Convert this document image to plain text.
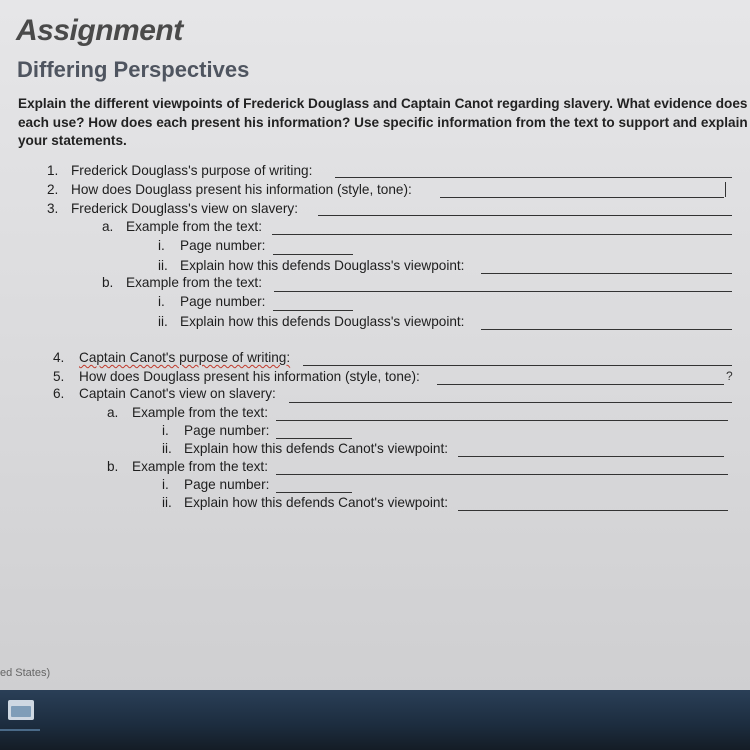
Assignment
Differing Perspectives

Explain the different viewpoints of Frederick Douglass and Captain Canot regarding slavery. What evidence does each use? How does each present his information? Use specific information from the text to support and explain your statements.

1. Frederick Douglass's purpose of writing:
2. How does Douglass present his information (style, tone):
3. Frederick Douglass's view on slavery:
a. Example from the text:
i. Page number:
ii. Explain how this defends Douglass's viewpoint:
b. Example from the text:
i. Page number:
ii. Explain how this defends Douglass's viewpoint:
4. Captain Canot's purpose of writing:
5. How does Douglass present his information (style, tone):	?
6. Captain Canot's view on slavery:
a. Example from the text:
i. Page number:
ii. Explain how this defends Canot's viewpoint:
b. Example from the text:
i. Page number:
ii. Explain how this defends Canot's viewpoint:
ed States)
